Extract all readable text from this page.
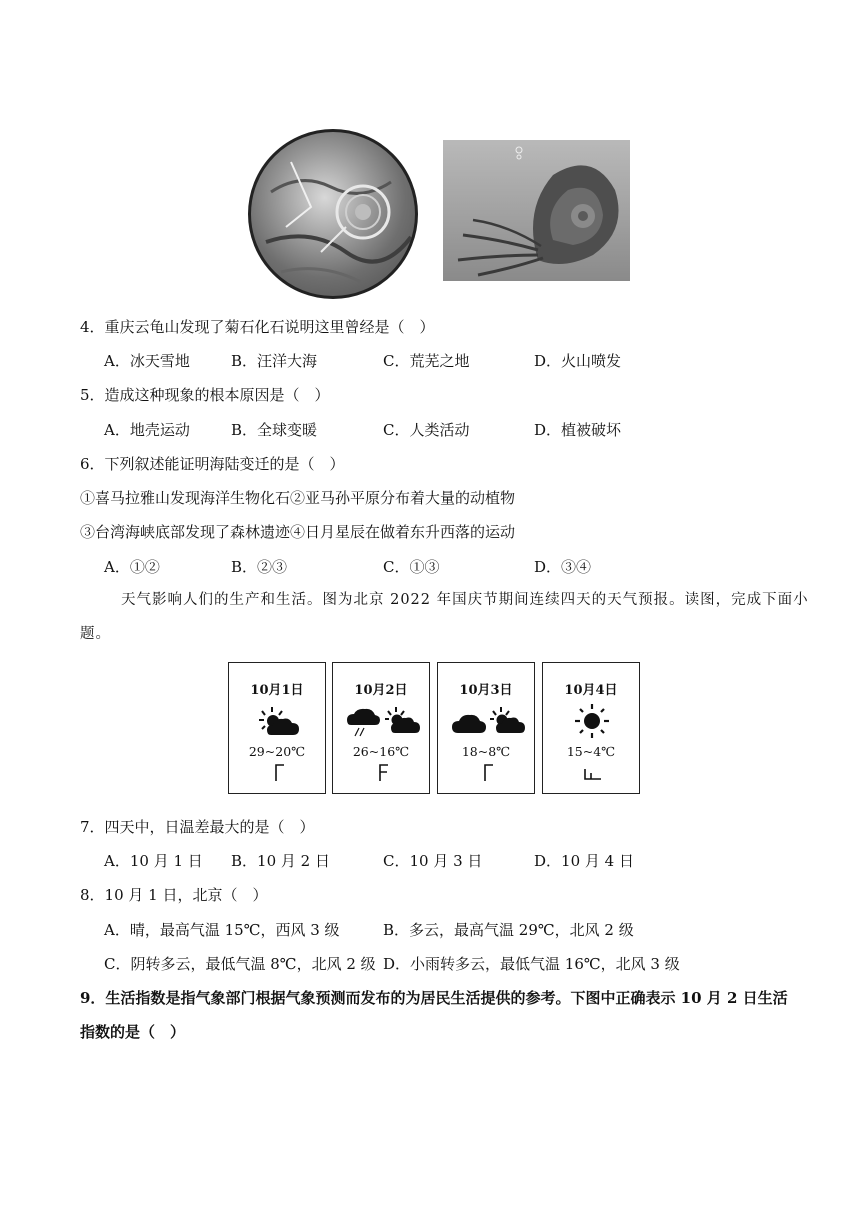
4．重庆云龟山发现了菊石化石说明这里曾经是（　）
A．冰天雪地	B．汪洋大海	C．荒芜之地	D．火山喷发
5．造成这种现象的根本原因是（　）
A．地壳运动	B．全球变暖	C．人类活动	D．植被破坏
6．下列叙述能证明海陆变迁的是（　）
①喜马拉雅山发现海洋生物化石②亚马孙平原分布着大量的动植物
③台湾海峡底部发现了森林遗迹④日月星辰在做着东升西落的运动
A．①②	B．②③	C．①③	D．③④
天气影响人们的生产和生活。图为北京 2022 年国庆节期间连续四天的天气预报。读图，完成下面小
题。
10月1日
29~20℃
10月2日
26~16℃
10月3日
18~8℃
10月4日
15~4℃
7．四天中，日温差最大的是（　）
A．10 月 1 日 B．10 月 2 日	C．10 月 3 日	D．10 月 4 日
8．10 月 1 日，北京（　）
A．晴，最高气温 15℃，西风 3 级	B．多云，最高气温 29℃，北风 2 级
C．阴转多云，最低气温 8℃，北风 2 级 D．小雨转多云，最低气温 16℃，北风 3 级
9．生活指数是指气象部门根据气象预测而发布的为居民生活提供的参考。下图中正确表示 10 月 2 日生活
指数的是（　）
